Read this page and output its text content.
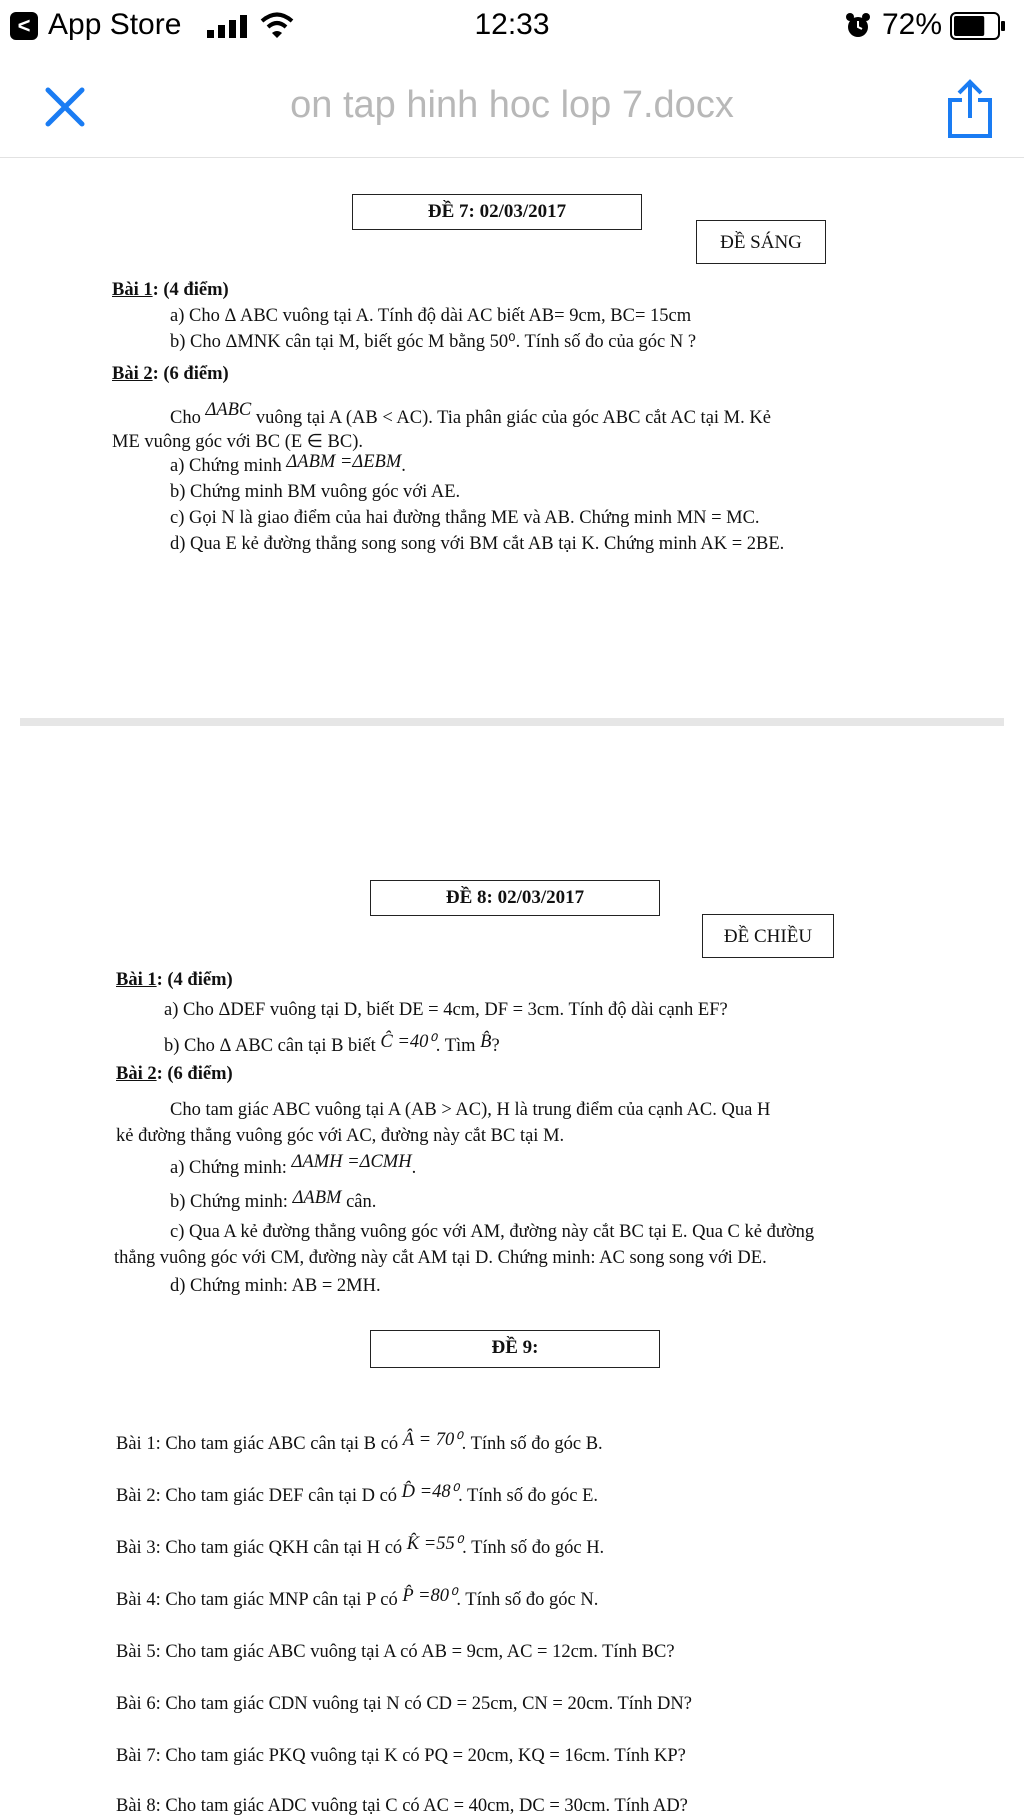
< App Store	12:33	72%
on tap hinh hoc lop 7.docx
ĐỀ 7: 02/03/2017
ĐỀ SÁNG
Bài 1: (4 điểm)
a) Cho Δ ABC vuông tại A. Tính độ dài AC biết AB= 9cm, BC= 15cm
b) Cho ΔMNK cân tại M, biết góc M bằng 50⁰. Tính số đo của góc N ?
Bài 2: (6 điểm)
Cho ΔABC vuông tại A (AB < AC). Tia phân giác của góc ABC cắt AC tại M. Kẻ
ME vuông góc với BC (E ∈ BC).
a) Chứng minh ΔABM =ΔEBM.
b) Chứng minh BM vuông góc với AE.
c) Gọi N là giao điểm của hai đường thẳng ME và AB. Chứng minh MN = MC.
d) Qua E kẻ đường thẳng song song với BM cắt AB tại K. Chứng minh AK = 2BE.
ĐỀ 8: 02/03/2017
ĐỀ CHIỀU
Bài 1: (4 điểm)
a) Cho ΔDEF vuông tại D, biết DE = 4cm, DF = 3cm. Tính độ dài cạnh EF?
b) Cho Δ ABC cân tại B biết Ĉ =40⁰. Tìm B̂?
Bài 2: (6 điểm)
Cho tam giác ABC vuông tại A (AB > AC), H là trung điểm của cạnh AC. Qua H
kẻ đường thẳng vuông góc với AC, đường này cắt BC tại M.
a) Chứng minh: ΔAMH =ΔCMH.
b) Chứng minh: ΔABM cân.
c) Qua A kẻ đường thẳng vuông góc với AM, đường này cắt BC tại E. Qua C kẻ đường
thẳng vuông góc với CM, đường này cắt AM tại D. Chứng minh: AC song song với DE.
d) Chứng minh: AB = 2MH.
ĐỀ 9:
Bài 1: Cho tam giác ABC cân tại B có Â = 70⁰. Tính số đo góc B.
Bài 2: Cho tam giác DEF cân tại D có D̂ =48⁰. Tính số đo góc E.
Bài 3: Cho tam giác QKH cân tại H có K̂ =55⁰. Tính số đo góc H.
Bài 4: Cho tam giác MNP cân tại P có P̂ =80⁰. Tính số đo góc N.
Bài 5: Cho tam giác ABC vuông tại A có AB = 9cm, AC = 12cm. Tính BC?
Bài 6: Cho tam giác CDN vuông tại N có CD = 25cm, CN = 20cm. Tính DN?
Bài 7: Cho tam giác PKQ vuông tại K có PQ = 20cm, KQ = 16cm. Tính KP?
Bài 8: Cho tam giác ADC vuông tại C có AC = 40cm, DC = 30cm. Tính AD?
